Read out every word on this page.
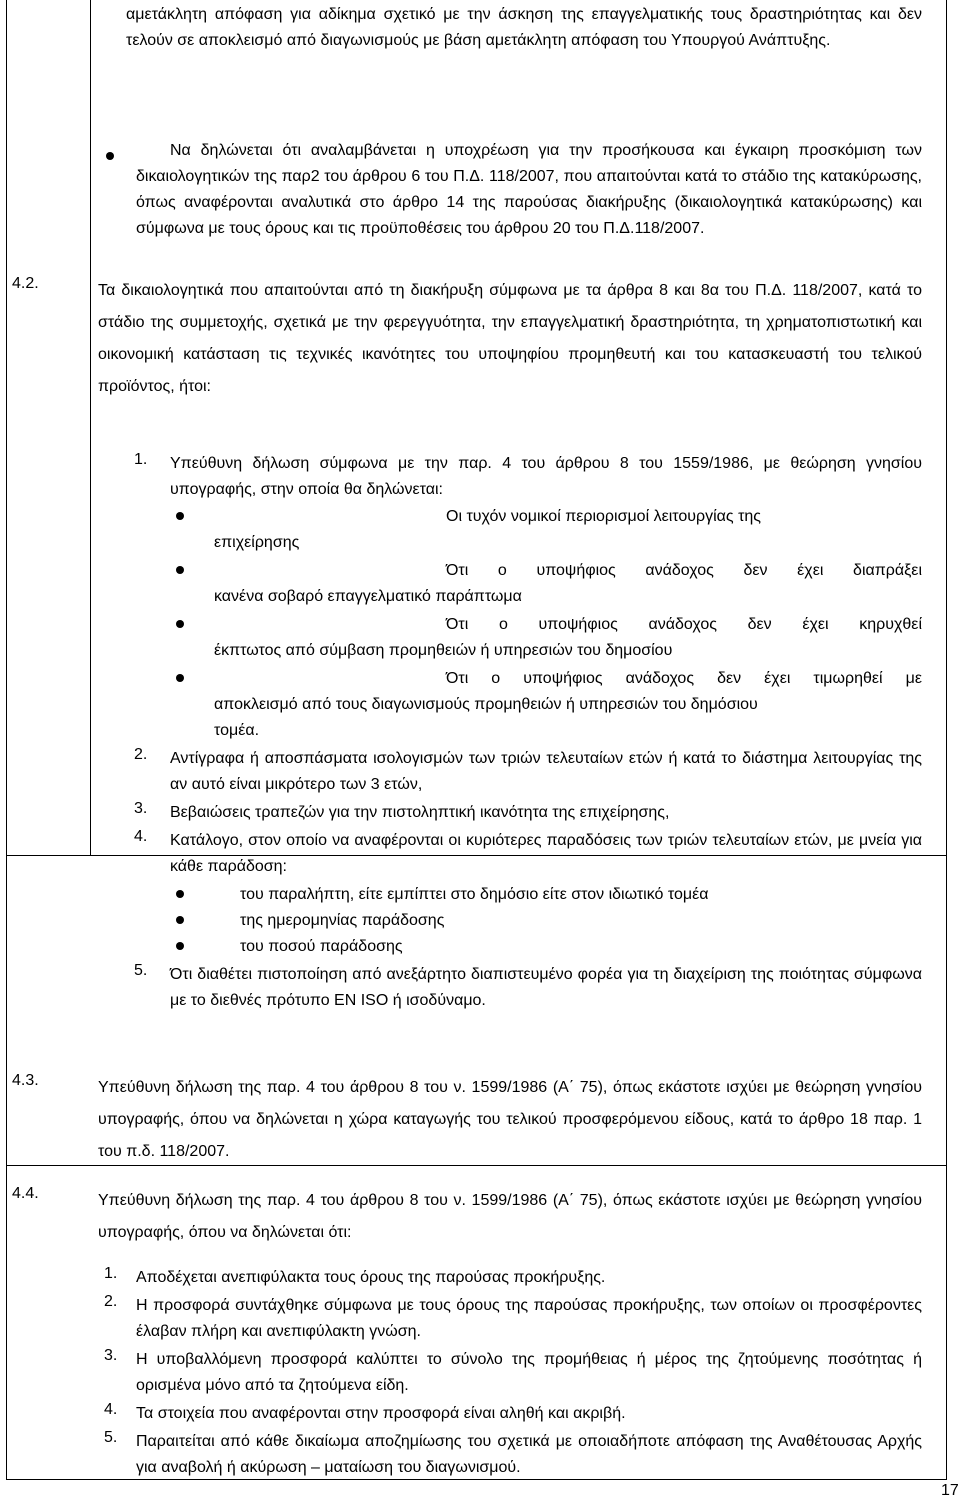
αμετάκλητη απόφαση για αδίκημα σχετικό με την άσκηση της επαγγελματικής τους δραστηριότητας και δεν τελούν σε αποκλεισμό από διαγωνισμούς με βάση αμετάκλητη απόφαση του Υπουργού Ανάπτυξης.
Να δηλώνεται ότι αναλαμβάνεται η υποχρέωση για την προσήκουσα και έγκαιρη προσκόμιση των δικαιολογητικών της παρ2 του άρθρου 6 του Π.Δ. 118/2007, που απαιτούνται κατά το στάδιο της κατακύρωσης, όπως αναφέρονται αναλυτικά στο άρθρο 14 της παρούσας διακήρυξης (δικαιολογητικά κατακύρωσης) και σύμφωνα με τους όρους και τις προϋποθέσεις του άρθρου 20 του Π.Δ.118/2007.
4.2.	Τα δικαιολογητικά που απαιτούνται από τη διακήρυξη σύμφωνα με τα άρθρα 8 και 8α του Π.Δ. 118/2007, κατά το στάδιο της συμμετοχής, σχετικά με την φερεγγυότητα, την επαγγελματική δραστηριότητα, τη χρηματοπιστωτική και οικονομική κατάσταση τις τεχνικές ικανότητες του υποψηφίου προμηθευτή και του κατασκευαστή του τελικού προϊόντος, ήτοι:
1. Υπεύθυνη δήλωση σύμφωνα με την παρ. 4 του άρθρου 8 του 1559/1986, με θεώρηση γνησίου υπογραφής, στην οποία θα δηλώνεται:
Οι τυχόν νομικοί περιορισμοί λειτουργίας της
επιχείρησης
Ότι ο υποψήφιος ανάδοχος δεν έχει διαπράξει
κανένα σοβαρό επαγγελματικό παράπτωμα
Ότι ο υποψήφιος ανάδοχος δεν έχει κηρυχθεί
έκπτωτος από σύμβαση προμηθειών ή υπηρεσιών του δημοσίου
Ότι ο υποψήφιος ανάδοχος δεν έχει τιμωρηθεί με
αποκλεισμό από τους διαγωνισμούς προμηθειών ή υπηρεσιών του δημόσιου
τομέα.
2. Αντίγραφα ή αποσπάσματα ισολογισμών των τριών τελευταίων ετών ή κατά το διάστημα λειτουργίας της αν αυτό είναι μικρότερο των 3 ετών,
3. Βεβαιώσεις τραπεζών για την πιστοληπτική ικανότητα της επιχείρησης,
4. Κατάλογο, στον οποίο να αναφέρονται οι κυριότερες παραδόσεις των τριών τελευταίων ετών, με μνεία για κάθε παράδοση:
του παραλήπτη, είτε εμπίπτει στο δημόσιο είτε στον ιδιωτικό τομέα
της ημερομηνίας παράδοσης
του ποσού παράδοσης
5. Ότι διαθέτει πιστοποίηση από ανεξάρτητο διαπιστευμένο φορέα για τη διαχείριση της ποιότητας σύμφωνα με το διεθνές πρότυπο EN ISO ή ισοδύναμο.
4.3.	Υπεύθυνη δήλωση της παρ. 4 του άρθρου 8 του ν. 1599/1986 (Α΄ 75), όπως εκάστοτε ισχύει με θεώρηση γνησίου υπογραφής, όπου να δηλώνεται η χώρα καταγωγής του τελικού προσφερόμενου είδους, κατά το άρθρο 18 παρ. 1 του π.δ. 118/2007.
4.4.	Υπεύθυνη δήλωση της παρ. 4 του άρθρου 8 του ν. 1599/1986 (Α΄ 75), όπως εκάστοτε ισχύει με θεώρηση γνησίου υπογραφής, όπου να δηλώνεται ότι:
1. Αποδέχεται ανεπιφύλακτα τους όρους της παρούσας προκήρυξης.
2. Η προσφορά συντάχθηκε σύμφωνα με τους όρους της παρούσας προκήρυξης, των οποίων οι προσφέροντες έλαβαν πλήρη και ανεπιφύλακτη γνώση.
3. Η υποβαλλόμενη προσφορά καλύπτει το σύνολο της προμήθειας ή μέρος της ζητούμενης ποσότητας ή ορισμένα μόνο από τα ζητούμενα είδη.
4. Τα στοιχεία που αναφέρονται στην προσφορά είναι αληθή και ακριβή.
5. Παραιτείται από κάθε δικαίωμα αποζημίωσης του σχετικά με οποιαδήποτε απόφαση της Αναθέτουσας Αρχής για αναβολή ή ακύρωση – ματαίωση του διαγωνισμού.
17
